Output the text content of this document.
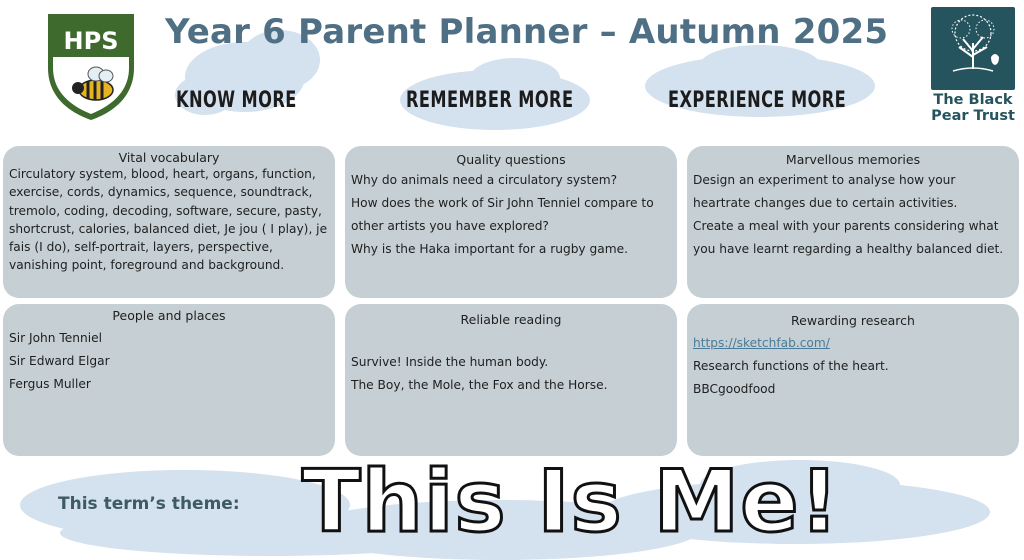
HPS Year 6 Parent Planner – Autumn 2025
KNOW MORE	REMEMBER MORE	EXPERIENCE MORE	The Black
Pear Trust
Vital vocabulary

Circulatory system, blood, heart, organs, function, exercise, cords, dynamics, sequence, soundtrack, tremolo, coding, decoding, software, secure, pasty, shortcrust, calories, balanced diet, Je jou ( I play), je fais (I do), self-portrait, layers, perspective, vanishing point, foreground and background.

Quality questions

Why do animals need a circulatory system?

How does the work of Sir John Tenniel compare to other artists you have explored?

Why is the Haka important for a rugby game.

Marvellous memories

Design an experiment to analyse how your heartrate changes due to certain activities.

Create a meal with your parents considering what you have learnt regarding a healthy balanced diet.

People and places

Sir John Tenniel

Sir Edward Elgar

Fergus Muller

Reliable reading

Survive! Inside the human body.

The Boy, the Mole, the Fox and the Horse.

Rewarding research

https://sketchfab.com/

Research functions of the heart.

BBCgoodfood

This term’s theme: This Is Me!
